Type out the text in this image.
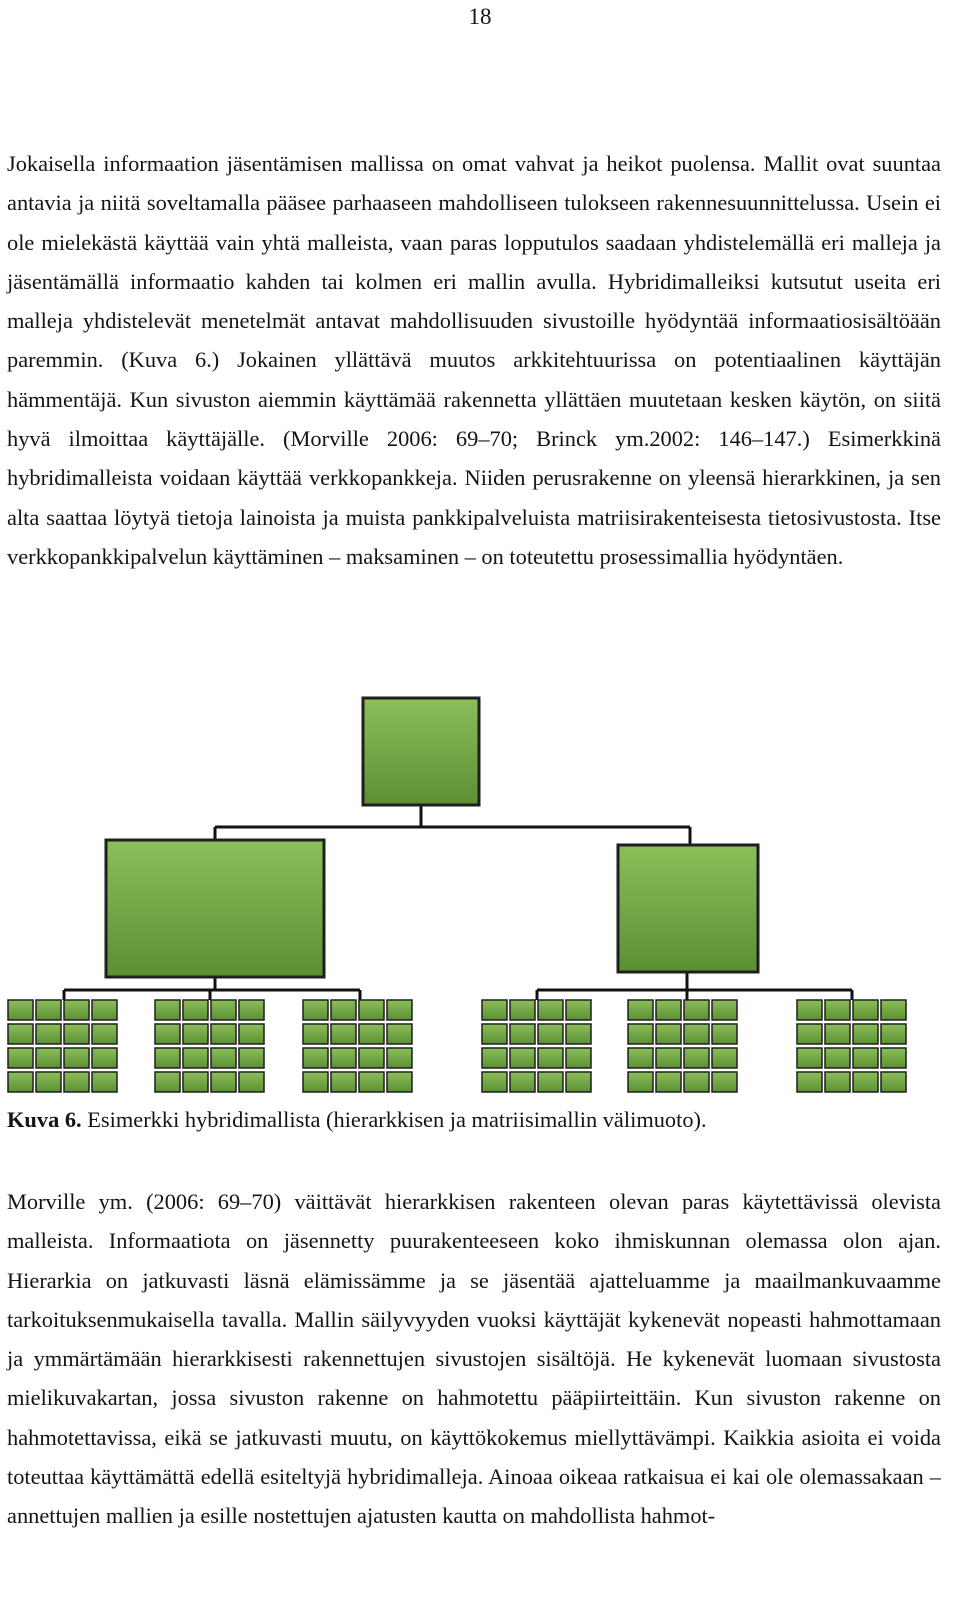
18

Jokaisella informaation jäsentämisen mallissa on omat vahvat ja heikot puolensa. Mallit ovat suuntaa antavia ja niitä soveltamalla pääsee parhaaseen mahdolliseen tulokseen rakennesuunnittelussa. Usein ei ole mielekästä käyttää vain yhtä malleista, vaan paras lopputulos saadaan yhdistelemällä eri malleja ja jäsentämällä informaatio kahden tai kolmen eri mallin avulla. Hybridimalleiksi kutsutut useita eri malleja yhdistelevät menetelmät antavat mahdollisuuden sivustoille hyödyntää informaatiosisältöään paremmin. (Kuva 6.) Jokainen yllättävä muutos arkkitehtuurissa on potentiaalinen käyttäjän hämmentäjä. Kun sivuston aiemmin käyttämää rakennetta yllättäen muutetaan kesken käytön, on siitä hyvä ilmoittaa käyttäjälle. (Morville 2006: 69–70; Brinck ym.2002: 146–147.) Esimerkkinä hybridimalleista voidaan käyttää verkkopankkeja. Niiden perusrakenne on yleensä hierarkkinen, ja sen alta saattaa löytyä tietoja lainoista ja muista pankkipalveluista matriisirakenteisesta tietosivustosta. Itse verkkopankkipalvelun käyttäminen – maksaminen – on toteutettu prosessimallia hyödyntäen.

Kuva 6. Esimerkki hybridimallista (hierarkkisen ja matriisimallin välimuoto).

Morville ym. (2006: 69–70) väittävät hierarkkisen rakenteen olevan paras käytettävissä olevista malleista. Informaatiota on jäsennetty puurakenteeseen koko ihmiskunnan olemassa olon ajan. Hierarkia on jatkuvasti läsnä elämissämme ja se jäsentää ajatteluamme ja maailmankuvaamme tarkoituksenmukaisella tavalla. Mallin säilyvyyden vuoksi käyttäjät kykenevät nopeasti hahmottamaan ja ymmärtämään hierarkkisesti rakennettujen sivustojen sisältöjä. He kykenevät luomaan sivustosta mielikuvakartan, jossa sivuston rakenne on hahmotettu pääpiirteittäin. Kun sivuston rakenne on hahmotettavissa, eikä se jatkuvasti muutu, on käyttökokemus miellyttävämpi. Kaikkia asioita ei voida toteuttaa käyttämättä edellä esiteltyjä hybridimalleja. Ainoaa oikeaa ratkaisua ei kai ole olemassakaan – annettujen mallien ja esille nostettujen ajatusten kautta on mahdollista hahmot-
